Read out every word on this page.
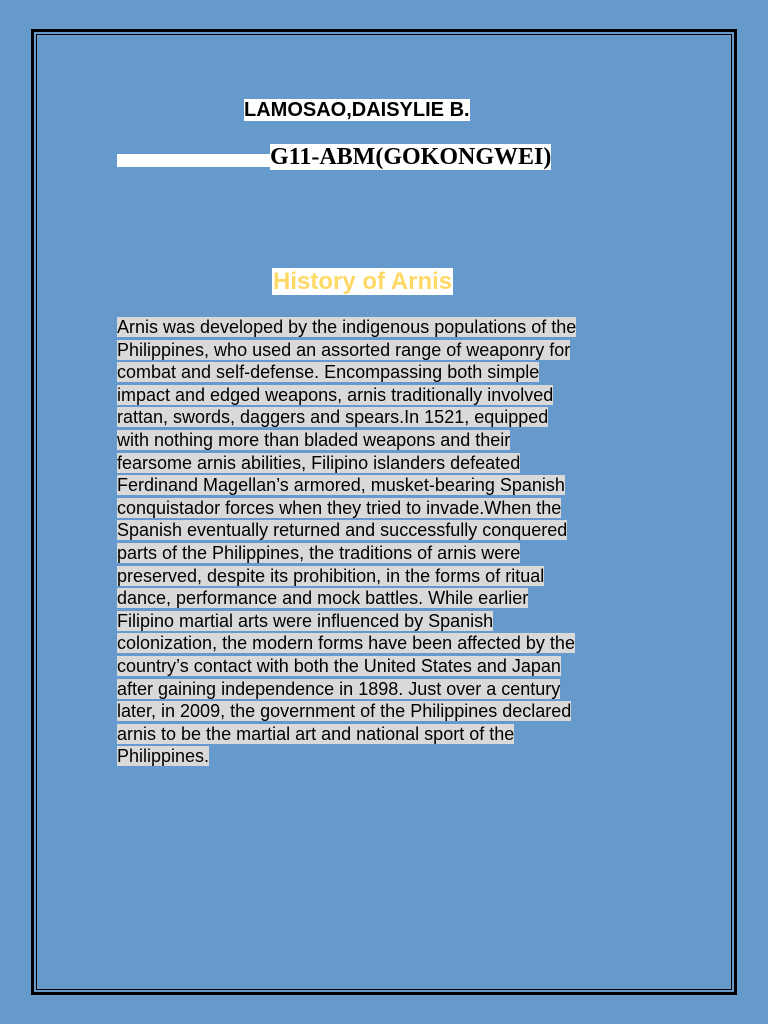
LAMOSAO,DAISYLIE B.
G11-ABM(GOKONGWEI)
History of Arnis
Arnis was developed by the indigenous populations of the
Philippines, who used an assorted range of weaponry for
combat and self-defense. Encompassing both simple
impact and edged weapons, arnis traditionally involved
rattan, swords, daggers and spears.In 1521, equipped
with nothing more than bladed weapons and their
fearsome arnis abilities, Filipino islanders defeated
Ferdinand Magellan’s armored, musket-bearing Spanish
conquistador forces when they tried to invade.When the
Spanish eventually returned and successfully conquered
parts of the Philippines, the traditions of arnis were
preserved, despite its prohibition, in the forms of ritual
dance, performance and mock battles. While earlier
Filipino martial arts were influenced by Spanish
colonization, the modern forms have been affected by the
country’s contact with both the United States and Japan
after gaining independence in 1898. Just over a century
later, in 2009, the government of the Philippines declared
arnis to be the martial art and national sport of the
Philippines.
